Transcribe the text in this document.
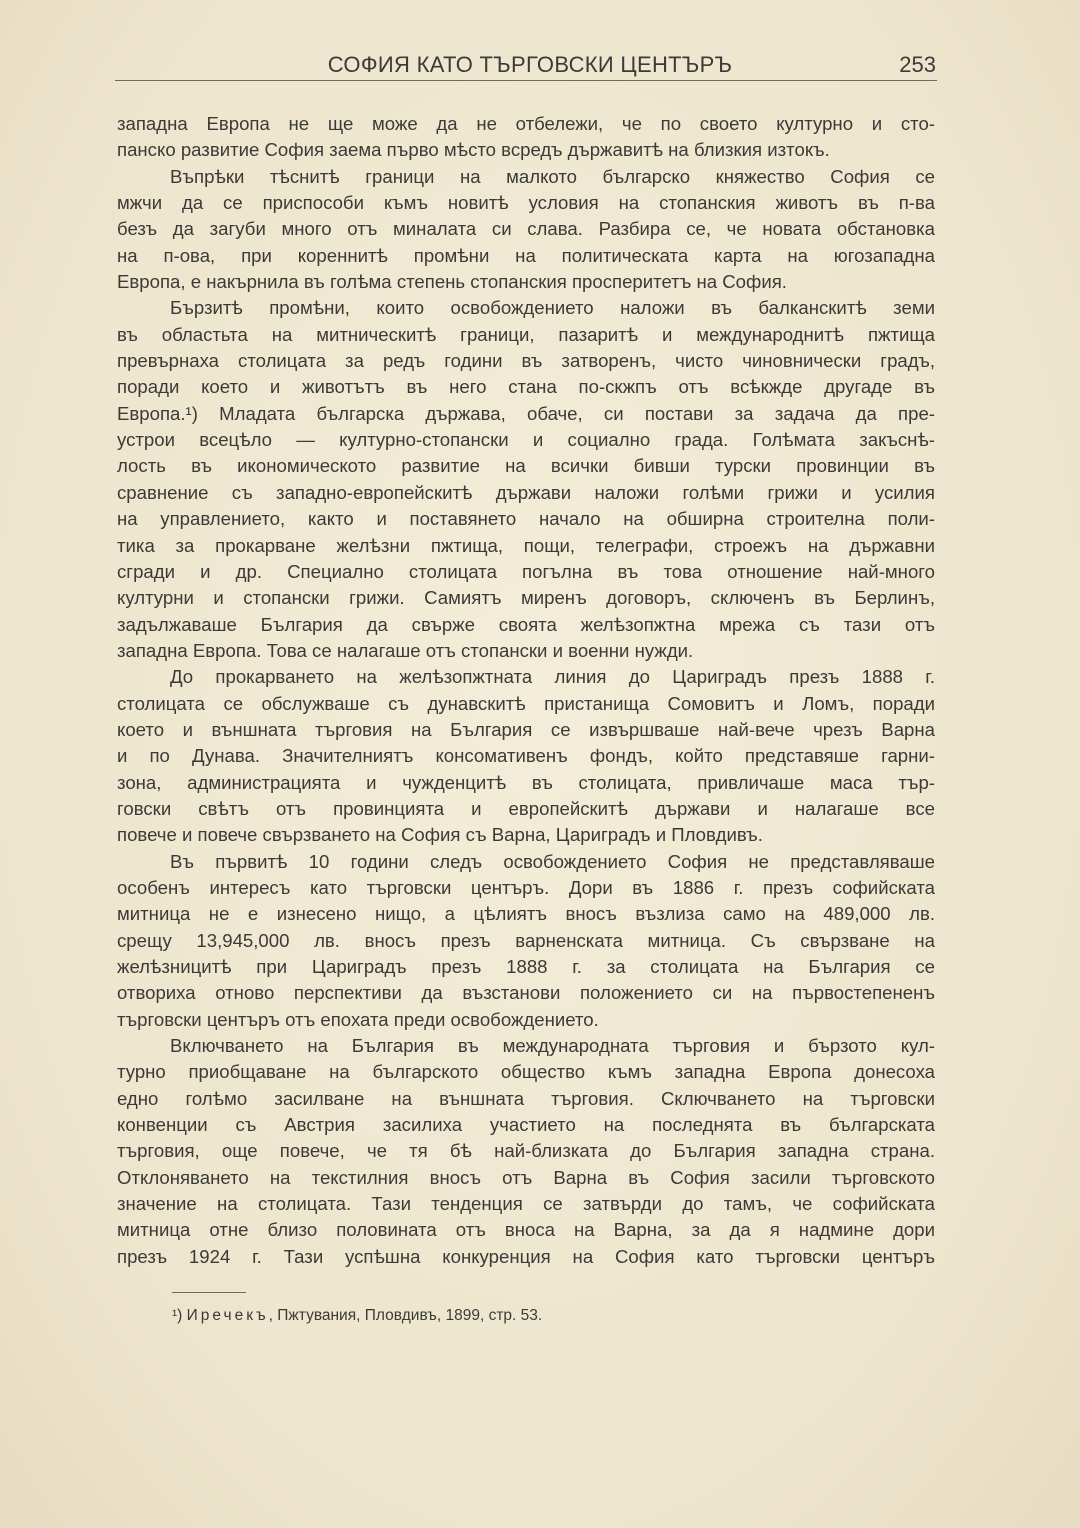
СОФИЯ КАТО ТЪРГОВСКИ ЦЕНТЪРЪ	253
западна Европа не ще може да не отбележи, че по своето културно и сто-
панско развитие София заема първо мѣсто всредъ държавитѣ на близкия изтокъ.
Въпрѣки тѣснитѣ граници на малкото българско княжество София се
мжчи да се приспособи къмъ новитѣ условия на стопанския животъ въ п-ва
безъ да загуби много отъ миналата си слава. Разбира се, че новата обстановка
на п-ова, при кореннитѣ промѣни на политическата карта на югозападна
Европа, е накърнила въ голѣма степень стопанския просперитетъ на София.
Бързитѣ промѣни, които освобождението наложи въ балканскитѣ земи
въ областьта на митническитѣ граници, пазаритѣ и международнитѣ пжтища
превърнаха столицата за редъ години въ затворенъ, чисто чиновнически градъ,
поради което и животътъ въ него стана по-скжпъ отъ всѣкжде другаде въ
Европа.¹) Младата българска държава, обаче, си постави за задача да пре-
устрои всецѣло — културно-стопански и социално града. Голѣмата закъснѣ-
лость въ икономическото развитие на всички бивши турски провинции въ
сравнение съ западно-европейскитѣ държави наложи голѣми грижи и усилия
на управлението, както и поставянето начало на обширна строителна поли-
тика за прокарване желѣзни пжтища, пощи, телеграфи, строежъ на държавни
сгради и др. Специално столицата погълна въ това отношение най-много
културни и стопански грижи. Самиятъ миренъ договоръ, сключенъ въ Берлинъ,
задължаваше България да свърже своята желѣзопжтна мрежа съ тази отъ
западна Европа. Това се налагаше отъ стопански и военни нужди.
До прокарването на желѣзопжтната линия до Цариградъ презъ 1888 г.
столицата се обслужваше съ дунавскитѣ пристанища Сомовитъ и Ломъ, поради
което и външната търговия на България се извършваше най-вече чрезъ Варна
и по Дунава. Значителниятъ консомативенъ фондъ, който представяше гарни-
зона, администрацията и чужденцитѣ въ столицата, привличаше маса тър-
говски свѣтъ отъ провинцията и европейскитѣ държави и налагаше все
повече и повече свързването на София съ Варна, Цариградъ и Пловдивъ.
Въ първитѣ 10 години следъ освобождението София не представляваше
особенъ интересъ като търговски центъръ. Дори въ 1886 г. презъ софийската
митница не е изнесено нищо, а цѣлиятъ вносъ възлиза само на 489,000 лв.
срещу 13,945,000 лв. вносъ презъ варненската митница. Съ свързване на
желѣзницитѣ при Цариградъ презъ 1888 г. за столицата на България се
отвориха отново перспективи да възстанови положението си на първостепененъ
търговски центъръ отъ епохата преди освобождението.
Включването на България въ международната търговия и бързото кул-
турно приобщаване на българското общество къмъ западна Европа донесоха
едно голѣмо засилване на външната търговия. Сключването на търговски
конвенции съ Австрия засилиха участието на последнята въ българската
търговия, още повече, че тя бѣ най-близката до България западна страна.
Отклоняването на текстилния вносъ отъ Варна въ София засили търговското
значение на столицата. Тази тенденция се затвърди до тамъ, че софийската
митница отне близо половината отъ вноса на Варна, за да я надмине дори
презъ 1924 г. Тази успѣшна конкуренция на София като търговски центъръ
¹) Иречекъ, Пжтувания, Пловдивъ, 1899, стр. 53.
